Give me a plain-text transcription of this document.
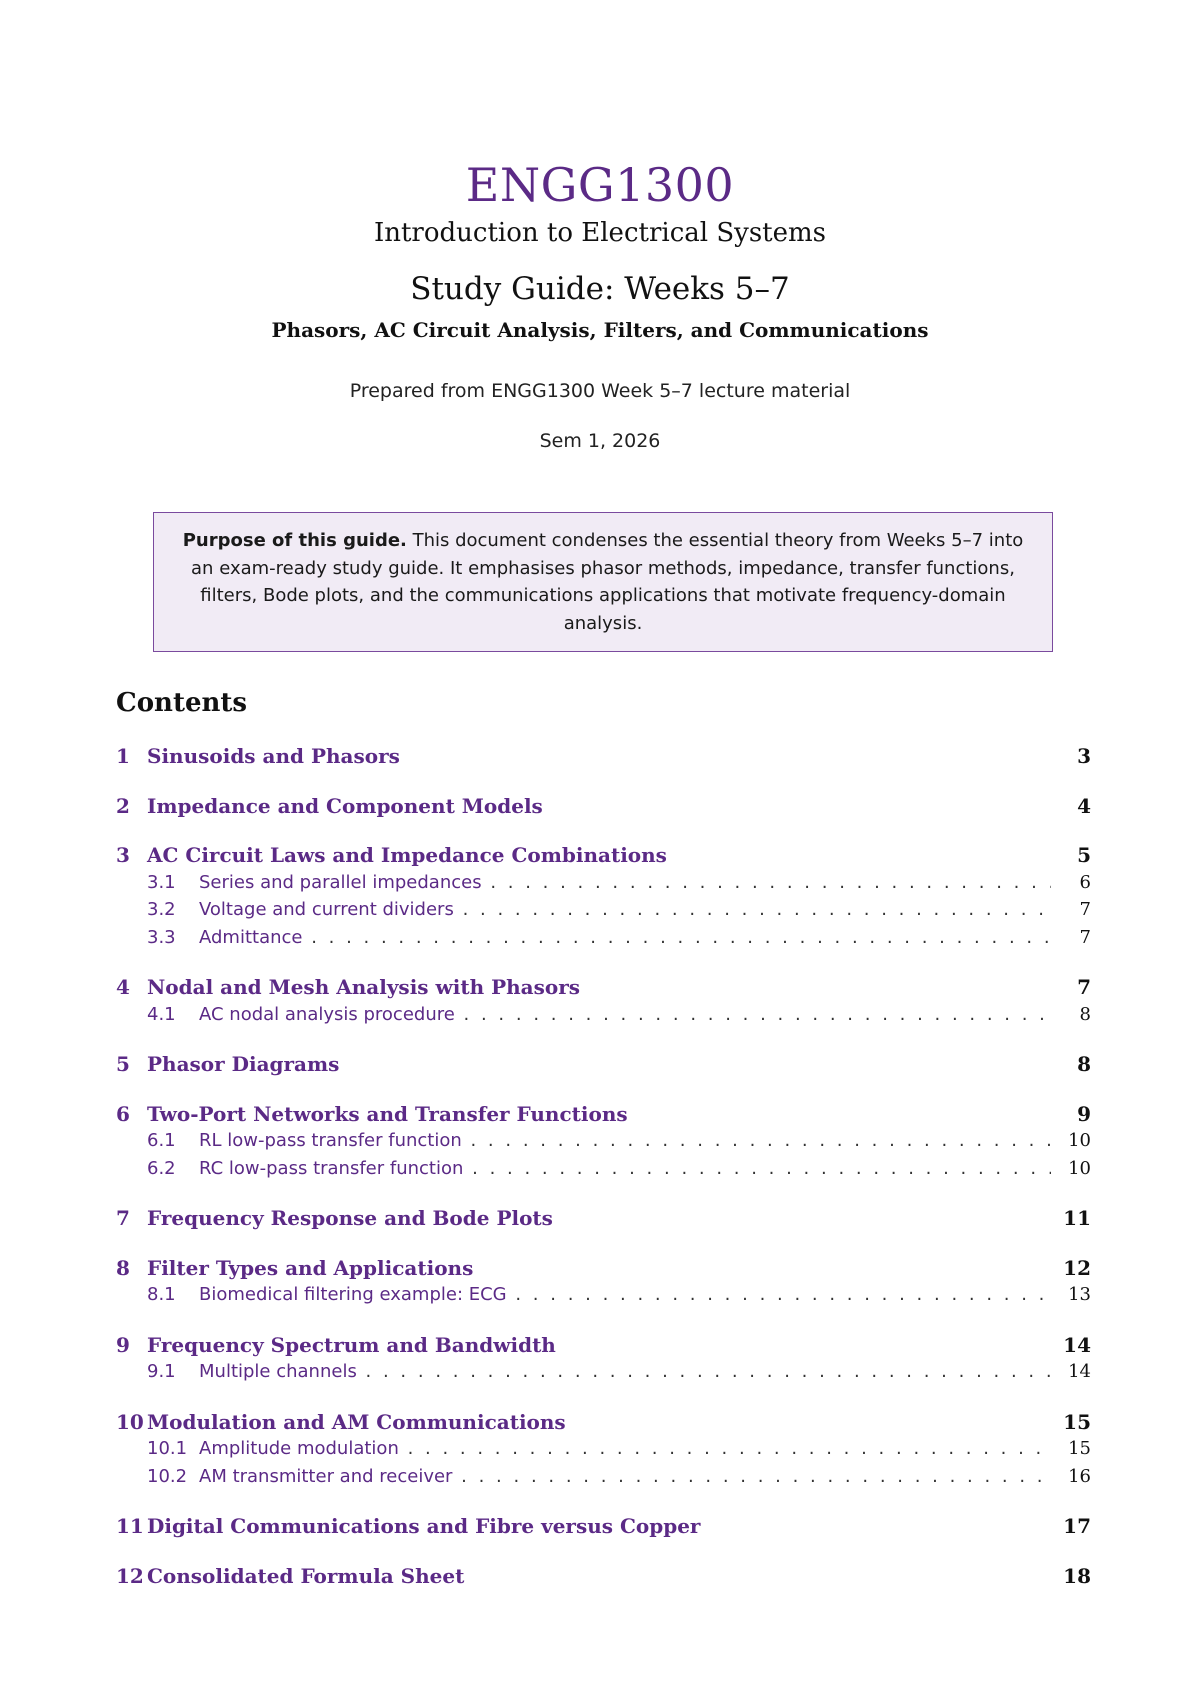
ENGG1300
Introduction to Electrical Systems
Study Guide: Weeks 5–7
Phasors, AC Circuit Analysis, Filters, and Communications
Prepared from ENGG1300 Week 5–7 lecture material
Sem 1, 2026
Purpose of this guide. This document condenses the essential theory from Weeks 5–7 into an exam-ready study guide. It emphasises phasor methods, impedance, transfer functions, filters, Bode plots, and the communications applications that motivate frequency-domain analysis.
Contents
1 Sinusoids and Phasors	3
2 Impedance and Component Models	4
3 AC Circuit Laws and Impedance Combinations	5
3.1 Series and parallel impedances . . .	6
3.2 Voltage and current dividers . . .	7
3.3 Admittance . . .	7
4 Nodal and Mesh Analysis with Phasors	7
4.1 AC nodal analysis procedure . . .	8
5 Phasor Diagrams	8
6 Two-Port Networks and Transfer Functions	9
6.1 RL low-pass transfer function . . .	10
6.2 RC low-pass transfer function . . .	10
7 Frequency Response and Bode Plots	11
8 Filter Types and Applications	12
8.1 Biomedical filtering example: ECG . . .	13
9 Frequency Spectrum and Bandwidth	14
9.1 Multiple channels . . .	14
10 Modulation and AM Communications	15
10.1 Amplitude modulation . . .	15
10.2 AM transmitter and receiver . . .	16
11 Digital Communications and Fibre versus Copper	17
12 Consolidated Formula Sheet	18
